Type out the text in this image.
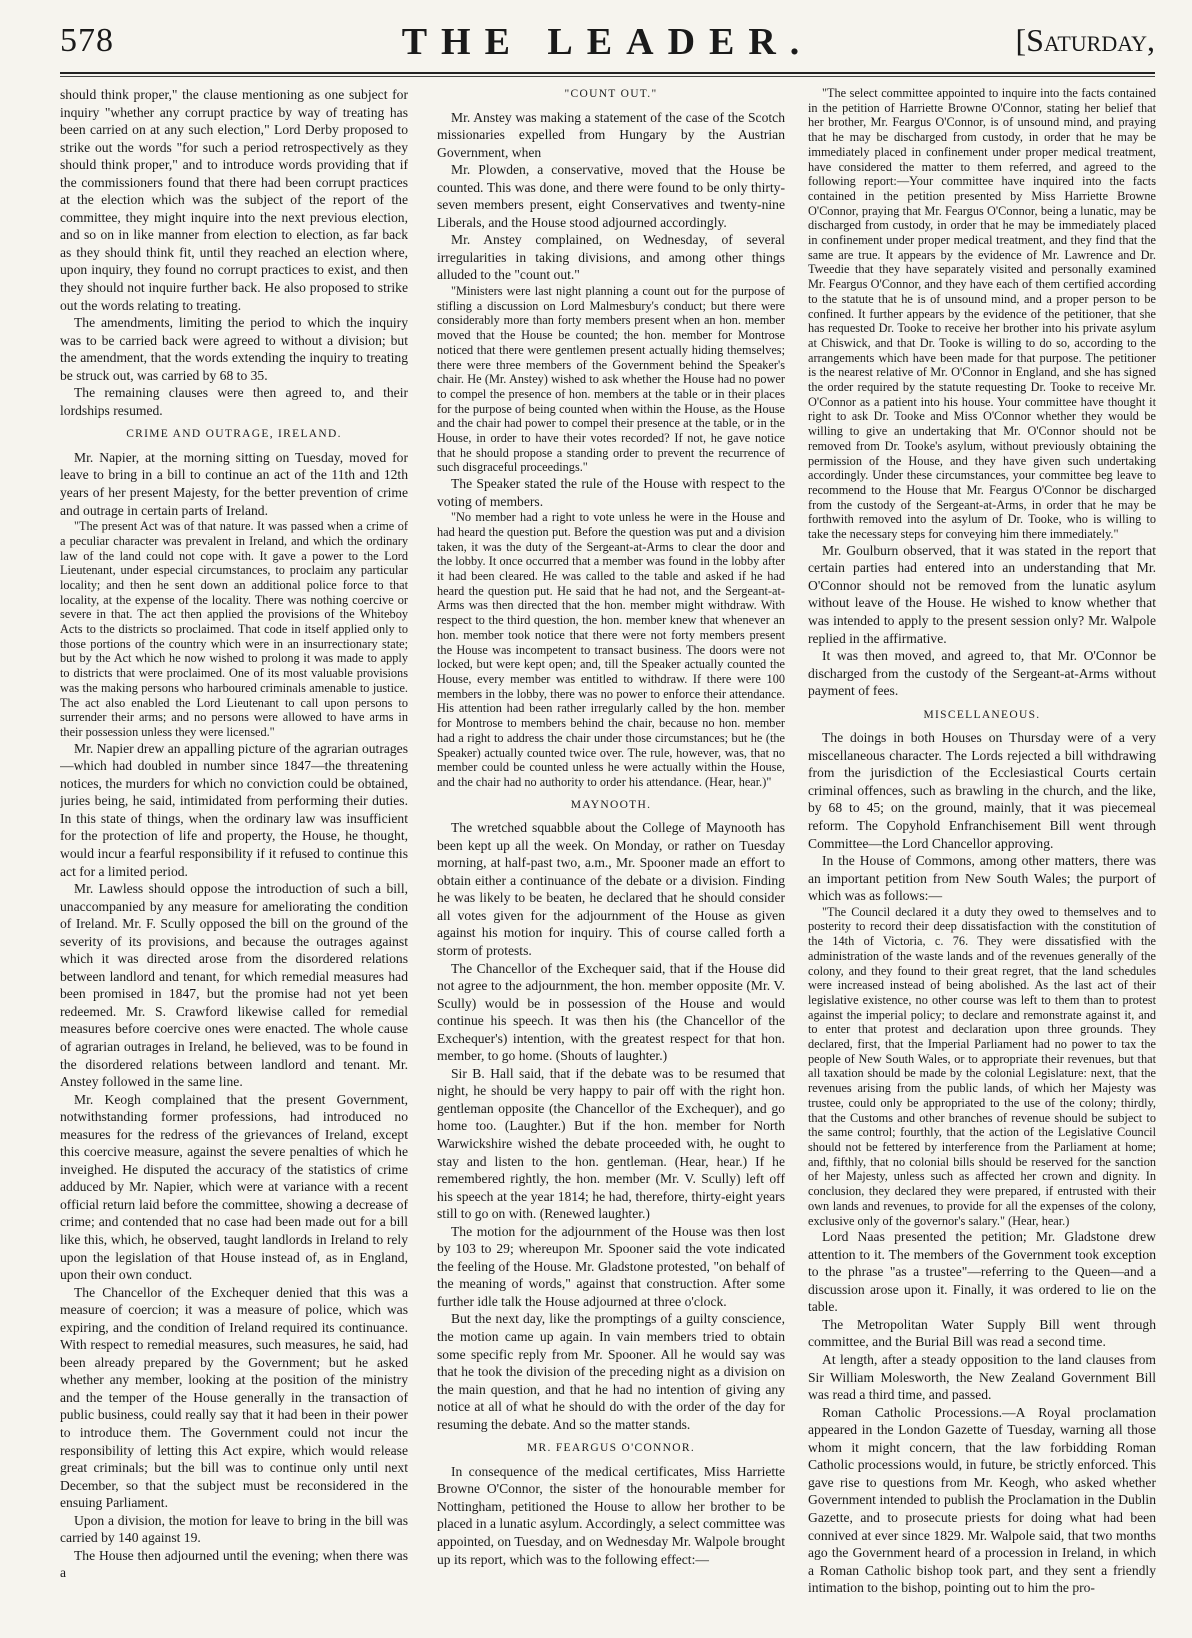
578	THE LEADER.	[Saturday,

should think proper," the clause mentioning as one subject for inquiry "whether any corrupt practice by way of treating has been carried on at any such election," Lord Derby proposed to strike out the words "for such a period retrospectively as they should think proper," and to introduce words providing that if the commissioners found that there had been corrupt practices at the election which was the subject of the report of the committee, they might inquire into the next previous election, and so on in like manner from election to election, as far back as they should think fit, until they reached an election where, upon inquiry, they found no corrupt practices to exist, and then they should not inquire further back. He also proposed to strike out the words relating to treating.

The amendments, limiting the period to which the inquiry was to be carried back were agreed to without a division; but the amendment, that the words extending the inquiry to treating be struck out, was carried by 68 to 35.

The remaining clauses were then agreed to, and their lordships resumed.

CRIME AND OUTRAGE, IRELAND.

Mr. Napier, at the morning sitting on Tuesday, moved for leave to bring in a bill to continue an act of the 11th and 12th years of her present Majesty, for the better prevention of crime and outrage in certain parts of Ireland.

"The present Act was of that nature. It was passed when a crime of a peculiar character was prevalent in Ireland, and which the ordinary law of the land could not cope with. It gave a power to the Lord Lieutenant, under especial circumstances, to proclaim any particular locality; and then he sent down an additional police force to that locality, at the expense of the locality. There was nothing coercive or severe in that. The act then applied the provisions of the Whiteboy Acts to the districts so proclaimed. That code in itself applied only to those portions of the country which were in an insurrectionary state; but by the Act which he now wished to prolong it was made to apply to districts that were proclaimed. One of its most valuable provisions was the making persons who harboured criminals amenable to justice. The act also enabled the Lord Lieutenant to call upon persons to surrender their arms; and no persons were allowed to have arms in their possession unless they were licensed."

Mr. Napier drew an appalling picture of the agrarian outrages—which had doubled in number since 1847—the threatening notices, the murders for which no conviction could be obtained, juries being, he said, intimidated from performing their duties. In this state of things, when the ordinary law was insufficient for the protection of life and property, the House, he thought, would incur a fearful responsibility if it refused to continue this act for a limited period.

Mr. Lawless should oppose the introduction of such a bill, unaccompanied by any measure for ameliorating the condition of Ireland. Mr. F. Scully opposed the bill on the ground of the severity of its provisions, and because the outrages against which it was directed arose from the disordered relations between landlord and tenant, for which remedial measures had been promised in 1847, but the promise had not yet been redeemed. Mr. S. Crawford likewise called for remedial measures before coercive ones were enacted. The whole cause of agrarian outrages in Ireland, he believed, was to be found in the disordered relations between landlord and tenant. Mr. Anstey followed in the same line.

Mr. Keogh complained that the present Government, notwithstanding former professions, had introduced no measures for the redress of the grievances of Ireland, except this coercive measure, against the severe penalties of which he inveighed. He disputed the accuracy of the statistics of crime adduced by Mr. Napier, which were at variance with a recent official return laid before the committee, showing a decrease of crime; and contended that no case had been made out for a bill like this, which, he observed, taught landlords in Ireland to rely upon the legislation of that House instead of, as in England, upon their own conduct.

The Chancellor of the Exchequer denied that this was a measure of coercion; it was a measure of police, which was expiring, and the condition of Ireland required its continuance. With respect to remedial measures, such measures, he said, had been already prepared by the Government; but he asked whether any member, looking at the position of the ministry and the temper of the House generally in the transaction of public business, could really say that it had been in their power to introduce them. The Government could not incur the responsibility of letting this Act expire, which would release great criminals; but the bill was to continue only until next December, so that the subject must be reconsidered in the ensuing Parliament.

Upon a division, the motion for leave to bring in the bill was carried by 140 against 19.

The House then adjourned until the evening; when there was a

"COUNT OUT."

Mr. Anstey was making a statement of the case of the Scotch missionaries expelled from Hungary by the Austrian Government, when

Mr. Plowden, a conservative, moved that the House be counted. This was done, and there were found to be only thirty-seven members present, eight Conservatives and twenty-nine Liberals, and the House stood adjourned accordingly.

Mr. Anstey complained, on Wednesday, of several irregularities in taking divisions, and among other things alluded to the "count out."

"Ministers were last night planning a count out for the purpose of stifling a discussion on Lord Malmesbury's conduct; but there were considerably more than forty members present when an hon. member moved that the House be counted; the hon. member for Montrose noticed that there were gentlemen present actually hiding themselves; there were three members of the Government behind the Speaker's chair. He (Mr. Anstey) wished to ask whether the House had no power to compel the presence of hon. members at the table or in their places for the purpose of being counted when within the House, as the House and the chair had power to compel their presence at the table, or in the House, in order to have their votes recorded? If not, he gave notice that he should propose a standing order to prevent the recurrence of such disgraceful proceedings."

The Speaker stated the rule of the House with respect to the voting of members.

"No member had a right to vote unless he were in the House and had heard the question put. Before the question was put and a division taken, it was the duty of the Sergeant-at-Arms to clear the door and the lobby. It once occurred that a member was found in the lobby after it had been cleared. He was called to the table and asked if he had heard the question put. He said that he had not, and the Sergeant-at-Arms was then directed that the hon. member might withdraw. With respect to the third question, the hon. member knew that whenever an hon. member took notice that there were not forty members present the House was incompetent to transact business. The doors were not locked, but were kept open; and, till the Speaker actually counted the House, every member was entitled to withdraw. If there were 100 members in the lobby, there was no power to enforce their attendance. His attention had been rather irregularly called by the hon. member for Montrose to members behind the chair, because no hon. member had a right to address the chair under those circumstances; but he (the Speaker) actually counted twice over. The rule, however, was, that no member could be counted unless he were actually within the House, and the chair had no authority to order his attendance. (Hear, hear.)"

MAYNOOTH.

The wretched squabble about the College of Maynooth has been kept up all the week. On Monday, or rather on Tuesday morning, at half-past two, a.m., Mr. Spooner made an effort to obtain either a continuance of the debate or a division. Finding he was likely to be beaten, he declared that he should consider all votes given for the adjournment of the House as given against his motion for inquiry. This of course called forth a storm of protests.

The Chancellor of the Exchequer said, that if the House did not agree to the adjournment, the hon. member opposite (Mr. V. Scully) would be in possession of the House and would continue his speech. It was then his (the Chancellor of the Exchequer's) intention, with the greatest respect for that hon. member, to go home. (Shouts of laughter.)

Sir B. Hall said, that if the debate was to be resumed that night, he should be very happy to pair off with the right hon. gentleman opposite (the Chancellor of the Exchequer), and go home too. (Laughter.) But if the hon. member for North Warwickshire wished the debate proceeded with, he ought to stay and listen to the hon. gentleman. (Hear, hear.) If he remembered rightly, the hon. member (Mr. V. Scully) left off his speech at the year 1814; he had, therefore, thirty-eight years still to go on with. (Renewed laughter.)

The motion for the adjournment of the House was then lost by 103 to 29; whereupon Mr. Spooner said the vote indicated the feeling of the House. Mr. Gladstone protested, "on behalf of the meaning of words," against that construction. After some further idle talk the House adjourned at three o'clock.

But the next day, like the promptings of a guilty conscience, the motion came up again. In vain members tried to obtain some specific reply from Mr. Spooner. All he would say was that he took the division of the preceding night as a division on the main question, and that he had no intention of giving any notice at all of what he should do with the order of the day for resuming the debate. And so the matter stands.

MR. FEARGUS O'CONNOR.

In consequence of the medical certificates, Miss Harriette Browne O'Connor, the sister of the honourable member for Nottingham, petitioned the House to allow her brother to be placed in a lunatic asylum. Accordingly, a select committee was appointed, on Tuesday, and on Wednesday Mr. Walpole brought up its report, which was to the following effect:—

"The select committee appointed to inquire into the facts contained in the petition of Harriette Browne O'Connor, stating her belief that her brother, Mr. Feargus O'Connor, is of unsound mind, and praying that he may be discharged from custody, in order that he may be immediately placed in confinement under proper medical treatment, have considered the matter to them referred, and agreed to the following report:—Your committee have inquired into the facts contained in the petition presented by Miss Harriette Browne O'Connor, praying that Mr. Feargus O'Connor, being a lunatic, may be discharged from custody, in order that he may be immediately placed in confinement under proper medical treatment, and they find that the same are true. It appears by the evidence of Mr. Lawrence and Dr. Tweedie that they have separately visited and personally examined Mr. Feargus O'Connor, and they have each of them certified according to the statute that he is of unsound mind, and a proper person to be confined. It further appears by the evidence of the petitioner, that she has requested Dr. Tooke to receive her brother into his private asylum at Chiswick, and that Dr. Tooke is willing to do so, according to the arrangements which have been made for that purpose. The petitioner is the nearest relative of Mr. O'Connor in England, and she has signed the order required by the statute requesting Dr. Tooke to receive Mr. O'Connor as a patient into his house. Your committee have thought it right to ask Dr. Tooke and Miss O'Connor whether they would be willing to give an undertaking that Mr. O'Connor should not be removed from Dr. Tooke's asylum, without previously obtaining the permission of the House, and they have given such undertaking accordingly. Under these circumstances, your committee beg leave to recommend to the House that Mr. Feargus O'Connor be discharged from the custody of the Sergeant-at-Arms, in order that he may be forthwith removed into the asylum of Dr. Tooke, who is willing to take the necessary steps for conveying him there immediately."

Mr. Goulburn observed, that it was stated in the report that certain parties had entered into an understanding that Mr. O'Connor should not be removed from the lunatic asylum without leave of the House. He wished to know whether that was intended to apply to the present session only? Mr. Walpole replied in the affirmative.

It was then moved, and agreed to, that Mr. O'Connor be discharged from the custody of the Sergeant-at-Arms without payment of fees.

MISCELLANEOUS.

The doings in both Houses on Thursday were of a very miscellaneous character. The Lords rejected a bill withdrawing from the jurisdiction of the Ecclesiastical Courts certain criminal offences, such as brawling in the church, and the like, by 68 to 45; on the ground, mainly, that it was piecemeal reform. The Copyhold Enfranchisement Bill went through Committee—the Lord Chancellor approving.

In the House of Commons, among other matters, there was an important petition from New South Wales; the purport of which was as follows:—

"The Council declared it a duty they owed to themselves and to posterity to record their deep dissatisfaction with the constitution of the 14th of Victoria, c. 76. They were dissatisfied with the administration of the waste lands and of the revenues generally of the colony, and they found to their great regret, that the land schedules were increased instead of being abolished. As the last act of their legislative existence, no other course was left to them than to protest against the imperial policy; to declare and remonstrate against it, and to enter that protest and declaration upon three grounds. They declared, first, that the Imperial Parliament had no power to tax the people of New South Wales, or to appropriate their revenues, but that all taxation should be made by the colonial Legislature: next, that the revenues arising from the public lands, of which her Majesty was trustee, could only be appropriated to the use of the colony; thirdly, that the Customs and other branches of revenue should be subject to the same control; fourthly, that the action of the Legislative Council should not be fettered by interference from the Parliament at home; and, fifthly, that no colonial bills should be reserved for the sanction of her Majesty, unless such as affected her crown and dignity. In conclusion, they declared they were prepared, if entrusted with their own lands and revenues, to provide for all the expenses of the colony, exclusive only of the governor's salary." (Hear, hear.)

Lord Naas presented the petition; Mr. Gladstone drew attention to it. The members of the Government took exception to the phrase "as a trustee"—referring to the Queen—and a discussion arose upon it. Finally, it was ordered to lie on the table.

The Metropolitan Water Supply Bill went through committee, and the Burial Bill was read a second time.

At length, after a steady opposition to the land clauses from Sir William Molesworth, the New Zealand Government Bill was read a third time, and passed.

Roman Catholic Processions.—A Royal proclamation appeared in the London Gazette of Tuesday, warning all those whom it might concern, that the law forbidding Roman Catholic processions would, in future, be strictly enforced. This gave rise to questions from Mr. Keogh, who asked whether Government intended to publish the Proclamation in the Dublin Gazette, and to prosecute priests for doing what had been connived at ever since 1829. Mr. Walpole said, that two months ago the Government heard of a procession in Ireland, in which a Roman Catholic bishop took part, and they sent a friendly intimation to the bishop, pointing out to him the pro-
